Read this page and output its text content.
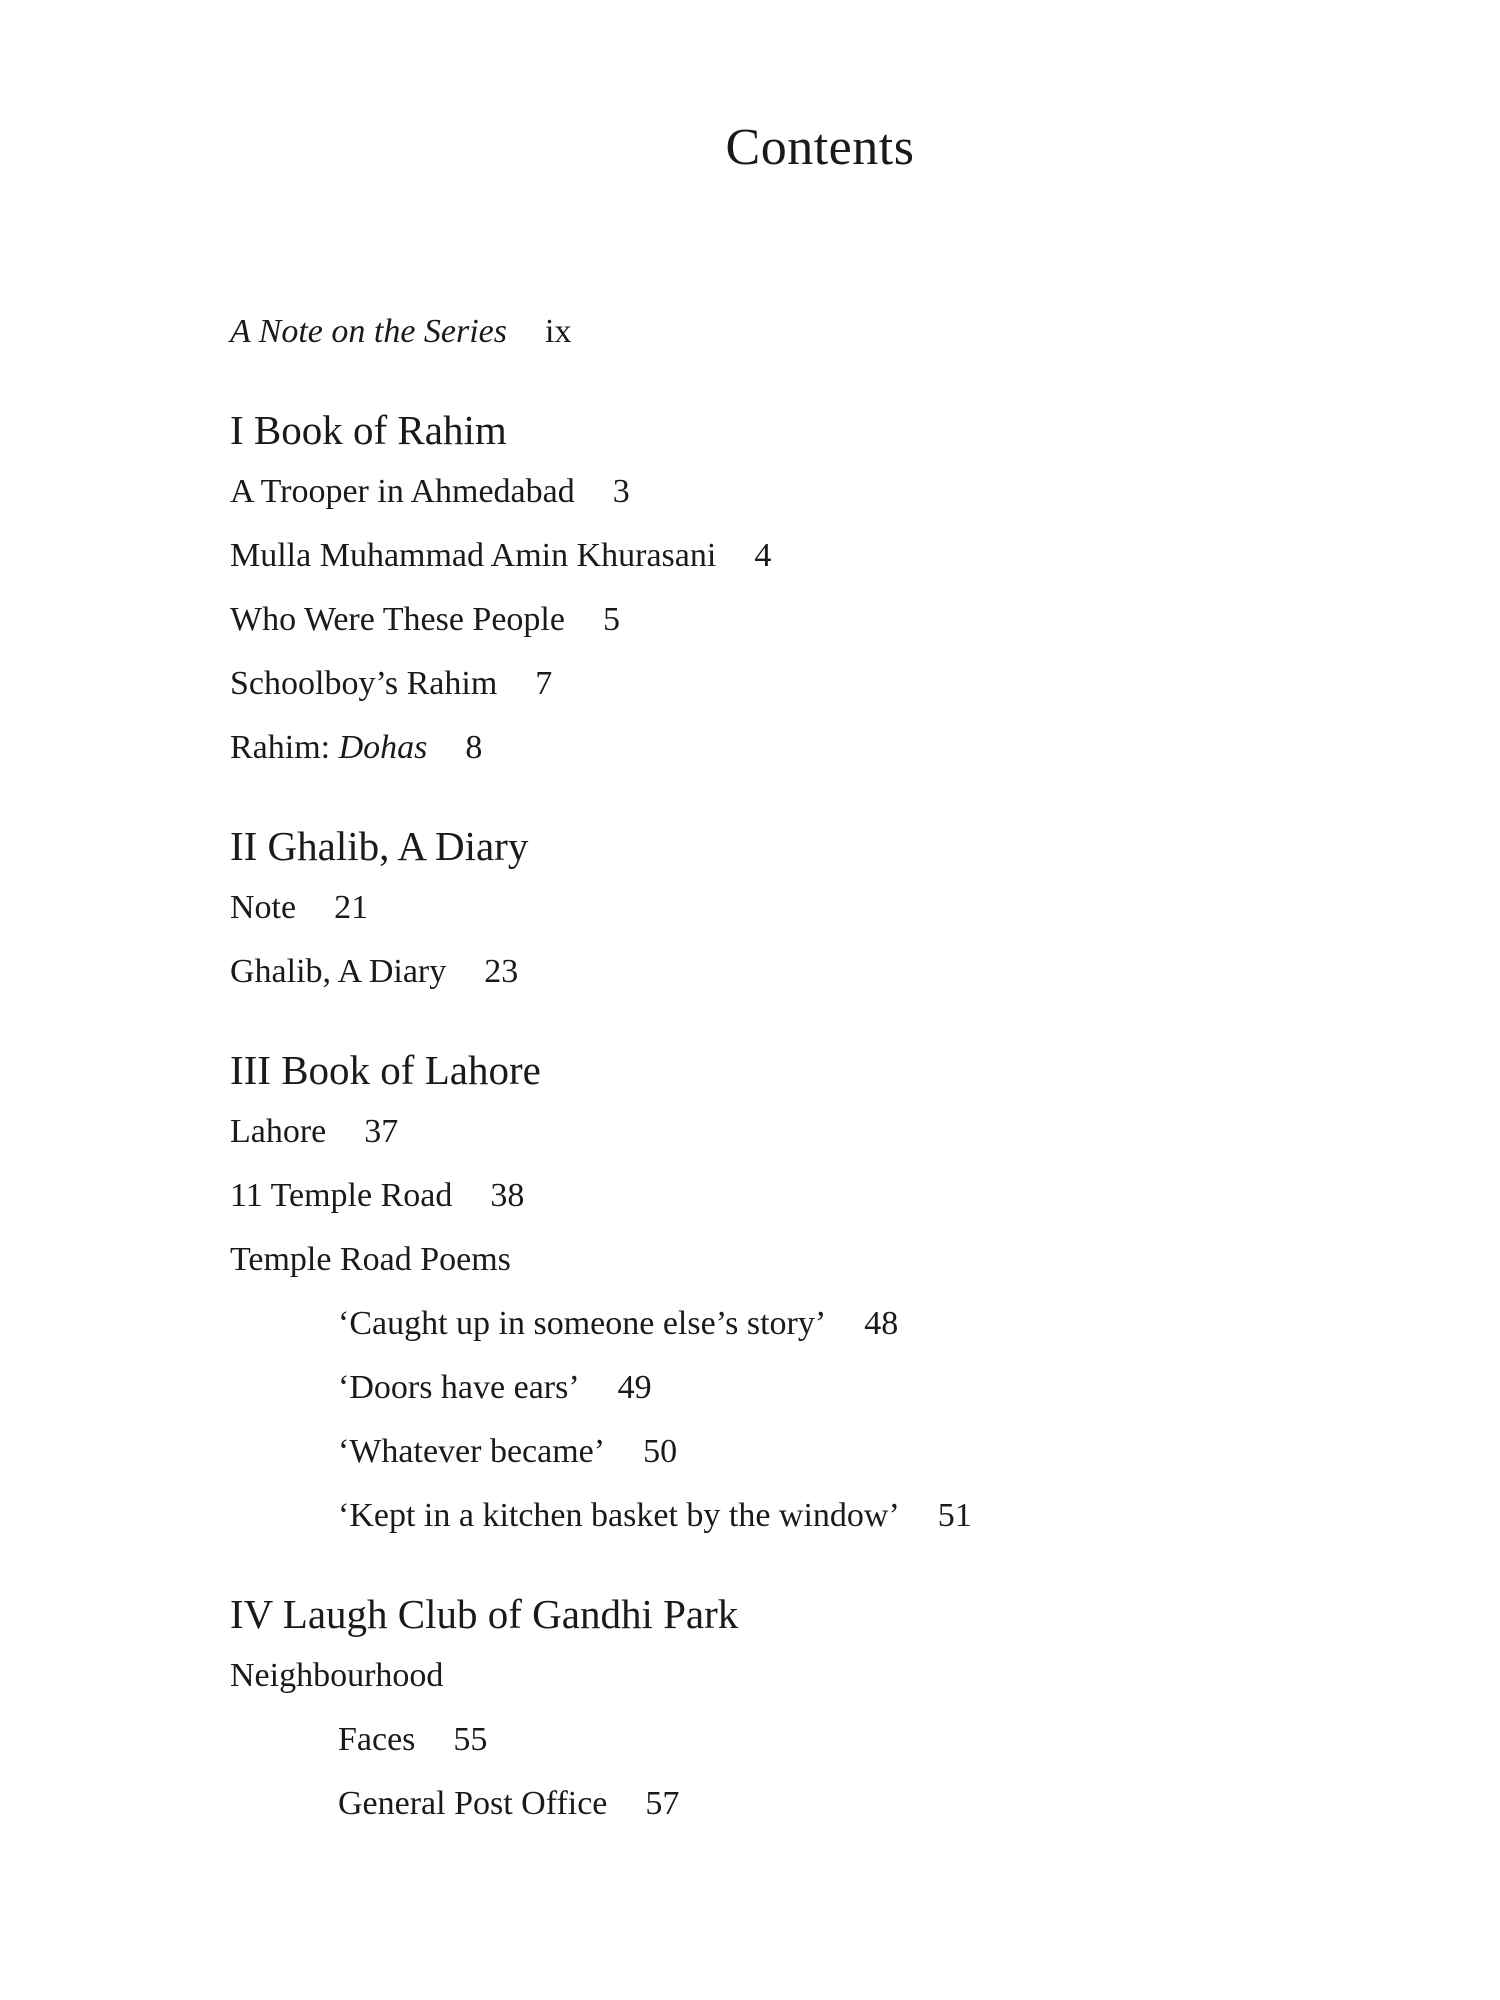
Contents
A Note on the Series ix
I Book of Rahim
A Trooper in Ahmedabad 3
Mulla Muhammad Amin Khurasani 4
Who Were These People 5
Schoolboy’s Rahim 7
Rahim: Dohas 8
II Ghalib, A Diary
Note 21
Ghalib, A Diary 23
III Book of Lahore
Lahore 37
11 Temple Road 38
Temple Road Poems
‘Caught up in someone else’s story’ 48
‘Doors have ears’ 49
‘Whatever became’ 50
‘Kept in a kitchen basket by the window’ 51
IV Laugh Club of Gandhi Park
Neighbourhood
Faces 55
General Post Office 57
